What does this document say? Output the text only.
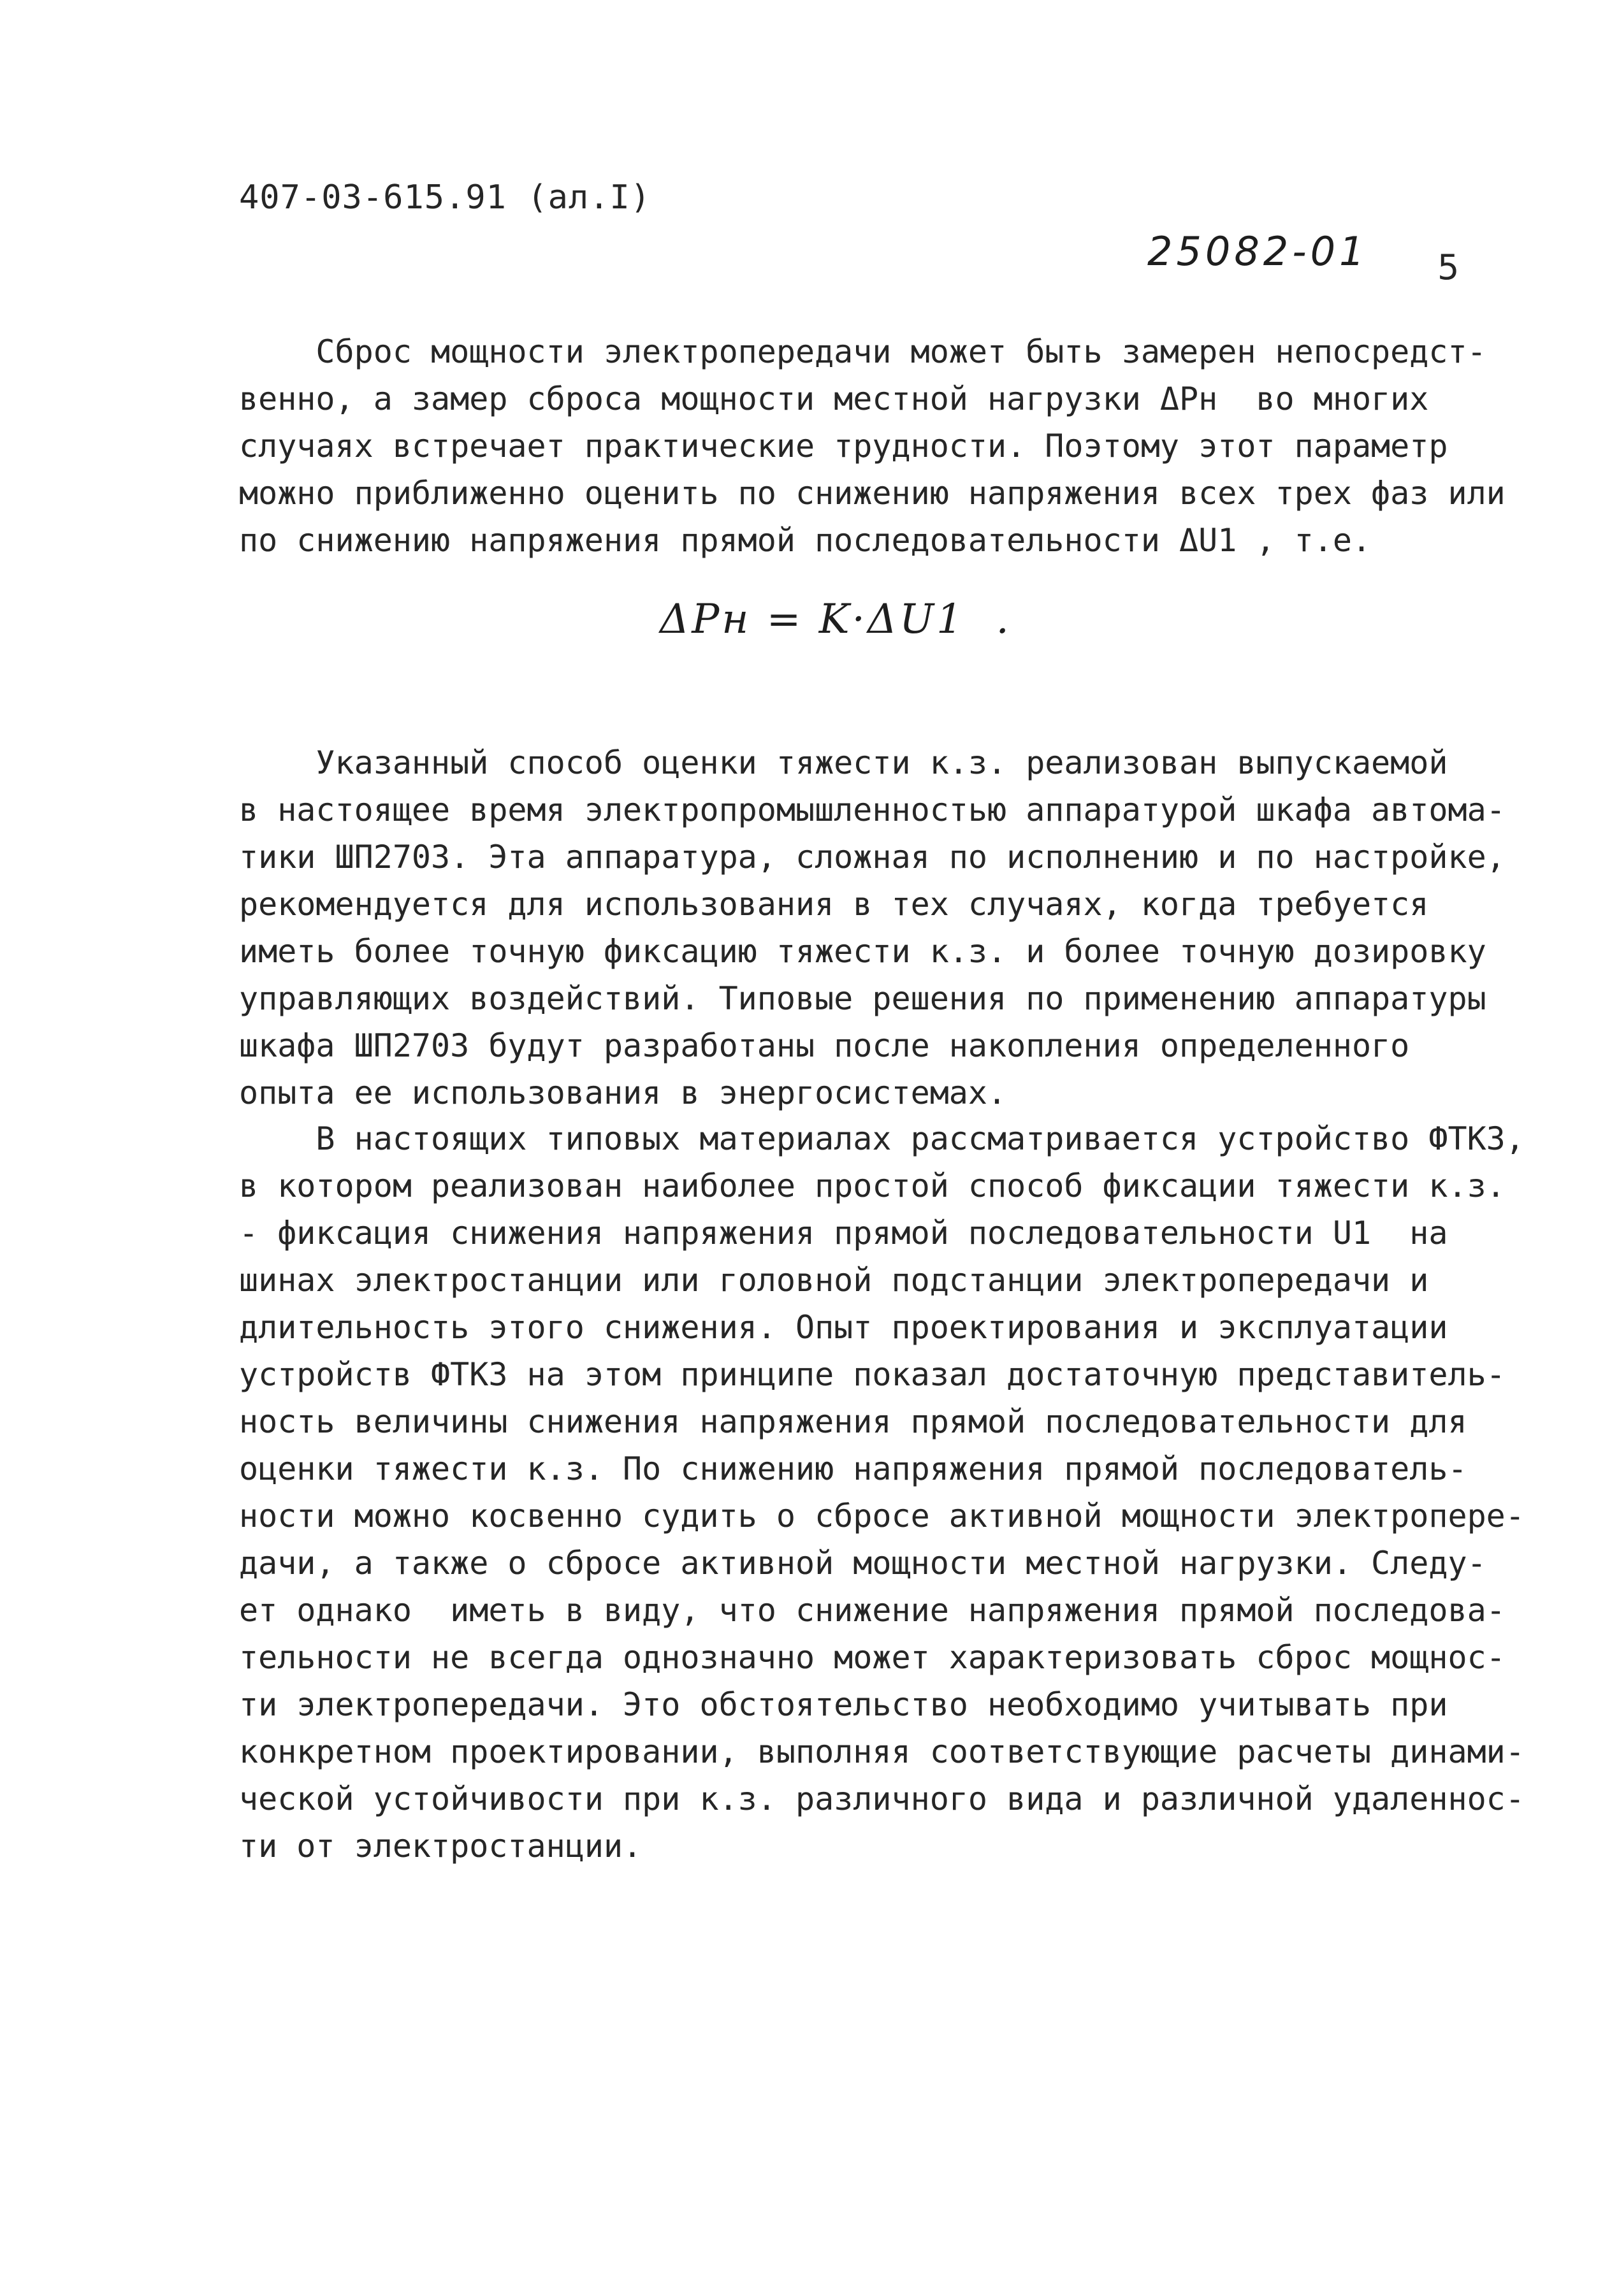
407-03-615.91 (ал.I)
25082-01 5
Сброс мощности электропередачи может быть замерен непосредст-
венно, а замер сброса мощности местной нагрузки ΔPн  во многих
случаях встречает практические трудности. Поэтому этот параметр
можно приближенно оценить по снижению напряжения всех трех фаз или
по снижению напряжения прямой последовательности ΔU1 , т.е.
ΔPн = K·ΔU1  .
Указанный способ оценки тяжести к.з. реализован выпускаемой
в настоящее время электропромышленностью аппаратурой шкафа автома-
тики ШП2703. Эта аппаратура, сложная по исполнению и по настройке,
рекомендуется для использования в тех случаях, когда требуется
иметь более точную фиксацию тяжести к.з. и более точную дозировку
управляющих воздействий. Типовые решения по применению аппаратуры
шкафа ШП2703 будут разработаны после накопления определенного
опыта ее использования в энергосистемах.
В настоящих типовых материалах рассматривается устройство ФТКЗ,
в котором реализован наиболее простой способ фиксации тяжести к.з.
- фиксация снижения напряжения прямой последовательности U1  на
шинах электростанции или головной подстанции электропередачи и
длительность этого снижения. Опыт проектирования и эксплуатации
устройств ФТКЗ на этом принципе показал достаточную представитель-
ность величины снижения напряжения прямой последовательности для
оценки тяжести к.з. По снижению напряжения прямой последователь-
ности можно косвенно судить о сбросе активной мощности электропере-
дачи, а также о сбросе активной мощности местной нагрузки. Следу-
ет однако  иметь в виду, что снижение напряжения прямой последова-
тельности не всегда однозначно может характеризовать сброс мощнос-
ти электропередачи. Это обстоятельство необходимо учитывать при
конкретном проектировании, выполняя соответствующие расчеты динами-
ческой устойчивости при к.з. различного вида и различной удаленнос-
ти от электростанции.
